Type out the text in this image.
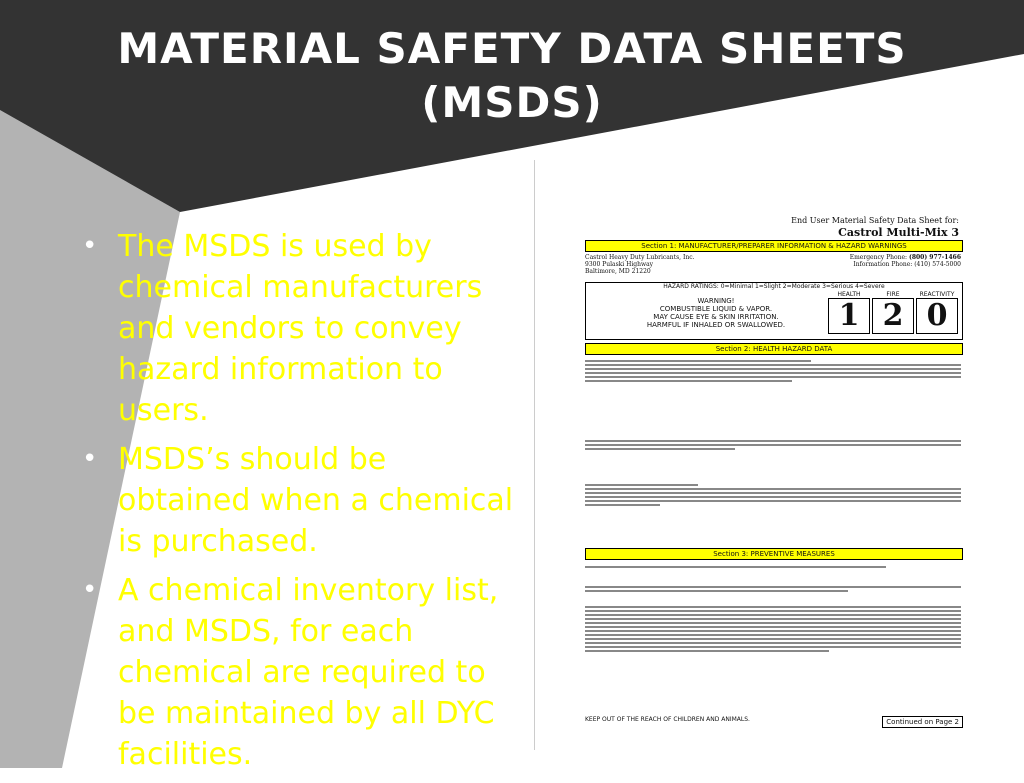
MATERIAL SAFETY DATA SHEETS
(MSDS)
• The MSDS is used by chemical manufacturers and vendors to convey hazard information to users.
• MSDS’s should be obtained when a chemical is purchased.
• A chemical inventory list, and MSDS, for each chemical are required to be maintained by all DYC facilities.
End User Material Safety Data Sheet for:
Castrol Multi-Mix 3
Section 1: MANUFACTURER/PREPARER INFORMATION & HAZARD WARNINGS
Castrol Heavy Duty Lubricants, Inc.	Emergency Phone: (800) 977-1466
9300 Pulaski Highway	Information Phone: (410) 574-5000
Baltimore, MD 21220
HAZARD RATINGS: 0=Minimal 1=Slight 2=Moderate 3=Serious 4=Severe
WARNING!
COMBUSTIBLE LIQUID & VAPOR.
MAY CAUSE EYE & SKIN IRRITATION.
HARMFUL IF INHALED OR SWALLOWED.
HEALTH
1
FIRE
2
REACTIVITY
0
Section 2: HEALTH HAZARD DATA
Section 3: PREVENTIVE MEASURES
KEEP OUT OF THE REACH OF CHILDREN AND ANIMALS.	Continued on Page 2
